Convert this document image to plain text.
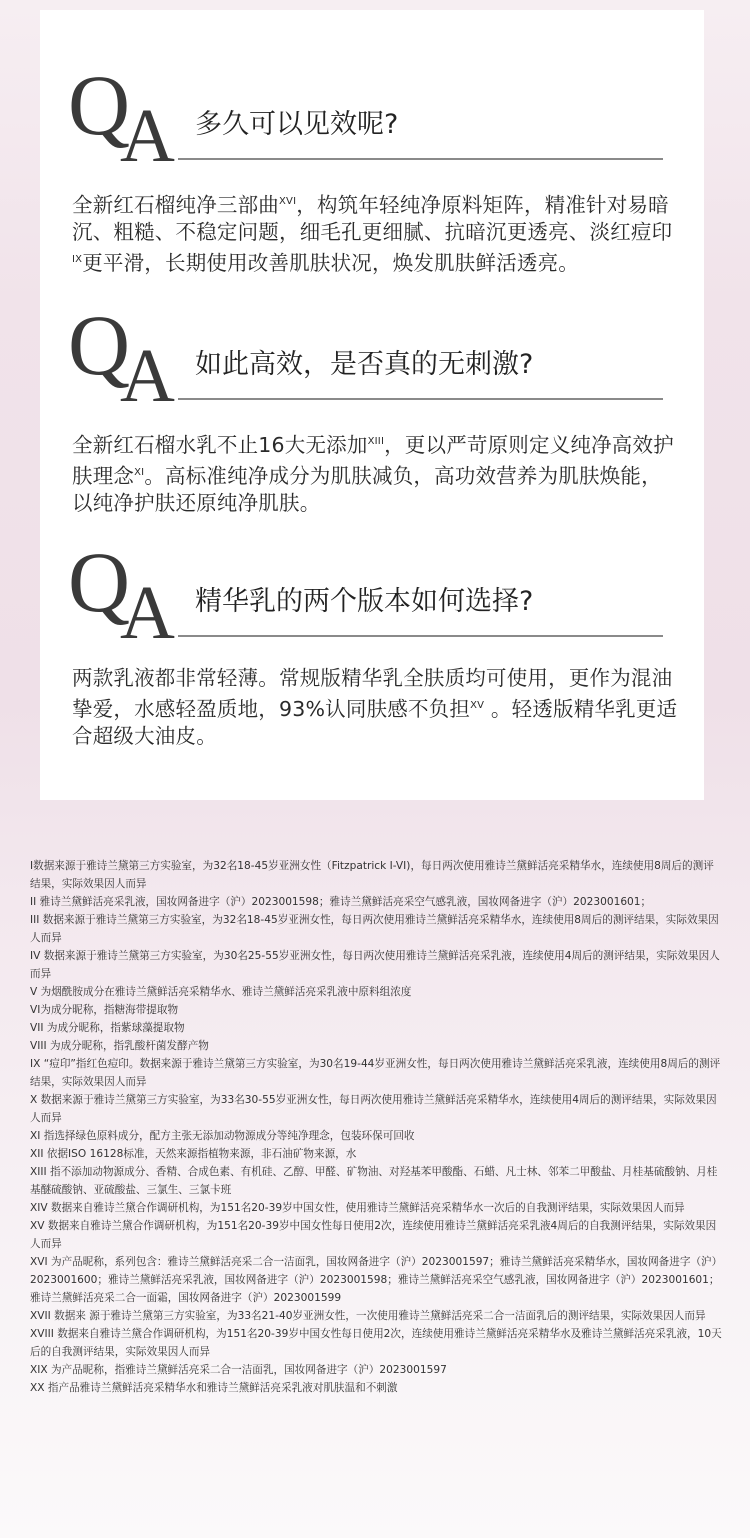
Q
A 多久可以见效呢?
全新红石榴纯净三部曲$^{XVI}$，构筑年轻纯净原料矩阵，精准针对易暗沉、粗糙、不稳定问题，细毛孔更细腻、抗暗沉更透亮、淡红痘印$^{IX}$更平滑，长期使用改善肌肤状况，焕发肌肤鲜活透亮。
Q
A 如此高效，是否真的无刺激?
全新红石榴水乳不止16大无添加$^{XIII}$，更以严苛原则定义纯净高效护肤理念$^{XI}$。高标准纯净成分为肌肤减负，高功效营养为肌肤焕能，以纯净护肤还原纯净肌肤。
Q
A 精华乳的两个版本如何选择?
两款乳液都非常轻薄。常规版精华乳全肤质均可使用，更作为混油挚爱，水感轻盈质地，93%认同肤感不负担$^{XV}$ 。轻透版精华乳更适合超级大油皮。

I数据来源于雅诗兰黛第三方实验室，为32名18-45岁亚洲女性（Fitzpatrick I-VI)，每日两次使用雅诗兰黛鲜活亮采精华水，连续使用8周后的测评结果，实际效果因人而异

II 雅诗兰黛鲜活亮采乳液，国妆网备进字（沪）2023001598；雅诗兰黛鲜活亮采空气感乳液，国妆网备进字（沪）2023001601；

III 数据来源于雅诗兰黛第三方实验室，为32名18-45岁亚洲女性，每日两次使用雅诗兰黛鲜活亮采精华水，连续使用8周后的测评结果，实际效果因人而异

IV 数据来源于雅诗兰黛第三方实验室，为30名25-55岁亚洲女性，每日两次使用雅诗兰黛鲜活亮采乳液，连续使用4周后的测评结果，实际效果因人而异

V 为烟酰胺成分在雅诗兰黛鲜活亮采精华水、雅诗兰黛鲜活亮采乳液中原料组浓度

VI为成分昵称，指糖海带提取物

VII 为成分昵称，指紫球藻提取物

VIII 为成分昵称，指乳酸杆菌发酵产物

IX “痘印”指红色痘印。数据来源于雅诗兰黛第三方实验室，为30名19-44岁亚洲女性，每日两次使用雅诗兰黛鲜活亮采乳液，连续使用8周后的测评结果，实际效果因人而异

X 数据来源于雅诗兰黛第三方实验室，为33名30-55岁亚洲女性，每日两次使用雅诗兰黛鲜活亮采精华水，连续使用4周后的测评结果，实际效果因人而异

XI 指选择绿色原料成分，配方主张无添加动物源成分等纯净理念，包装环保可回收

XII 依据ISO 16128标准，天然来源指植物来源，非石油矿物来源，水

XIII 指不添加动物源成分、香精、合成色素、有机硅、乙醇、甲醛、矿物油、对羟基苯甲酸酯、石蜡、凡士林、邻苯二甲酸盐、月桂基硫酸钠、月桂基醚硫酸钠、亚硫酸盐、三氯生、三氯卡班

XIV 数据来自雅诗兰黛合作调研机构，为151名20-39岁中国女性，使用雅诗兰黛鲜活亮采精华水一次后的自我测评结果，实际效果因人而异

XV 数据来自雅诗兰黛合作调研机构，为151名20-39岁中国女性每日使用2次，连续使用雅诗兰黛鲜活亮采乳液4周后的自我测评结果，实际效果因人而异

XVI 为产品昵称，系列包含：雅诗兰黛鲜活亮采二合一洁面乳，国妆网备进字（沪）2023001597；雅诗兰黛鲜活亮采精华水，国妆网备进字（沪）2023001600；雅诗兰黛鲜活亮采乳液，国妆网备进字（沪）2023001598；雅诗兰黛鲜活亮采空气感乳液，国妆网备进字（沪）2023001601；雅诗兰黛鲜活亮采二合一面霜，国妆网备进字（沪）2023001599

XVII 数据来 源于雅诗兰黛第三方实验室，为33名21-40岁亚洲女性，一次使用雅诗兰黛鲜活亮采二合一洁面乳后的测评结果，实际效果因人而异

XVIII 数据来自雅诗兰黛合作调研机构，为151名20-39岁中国女性每日使用2次，连续使用雅诗兰黛鲜活亮采精华水及雅诗兰黛鲜活亮采乳液，10天后的自我测评结果，实际效果因人而异

XIX 为产品昵称，指雅诗兰黛鲜活亮采二合一洁面乳，国妆网备进字（沪）2023001597

XX 指产品雅诗兰黛鲜活亮采精华水和雅诗兰黛鲜活亮采乳液对肌肤温和不刺激
